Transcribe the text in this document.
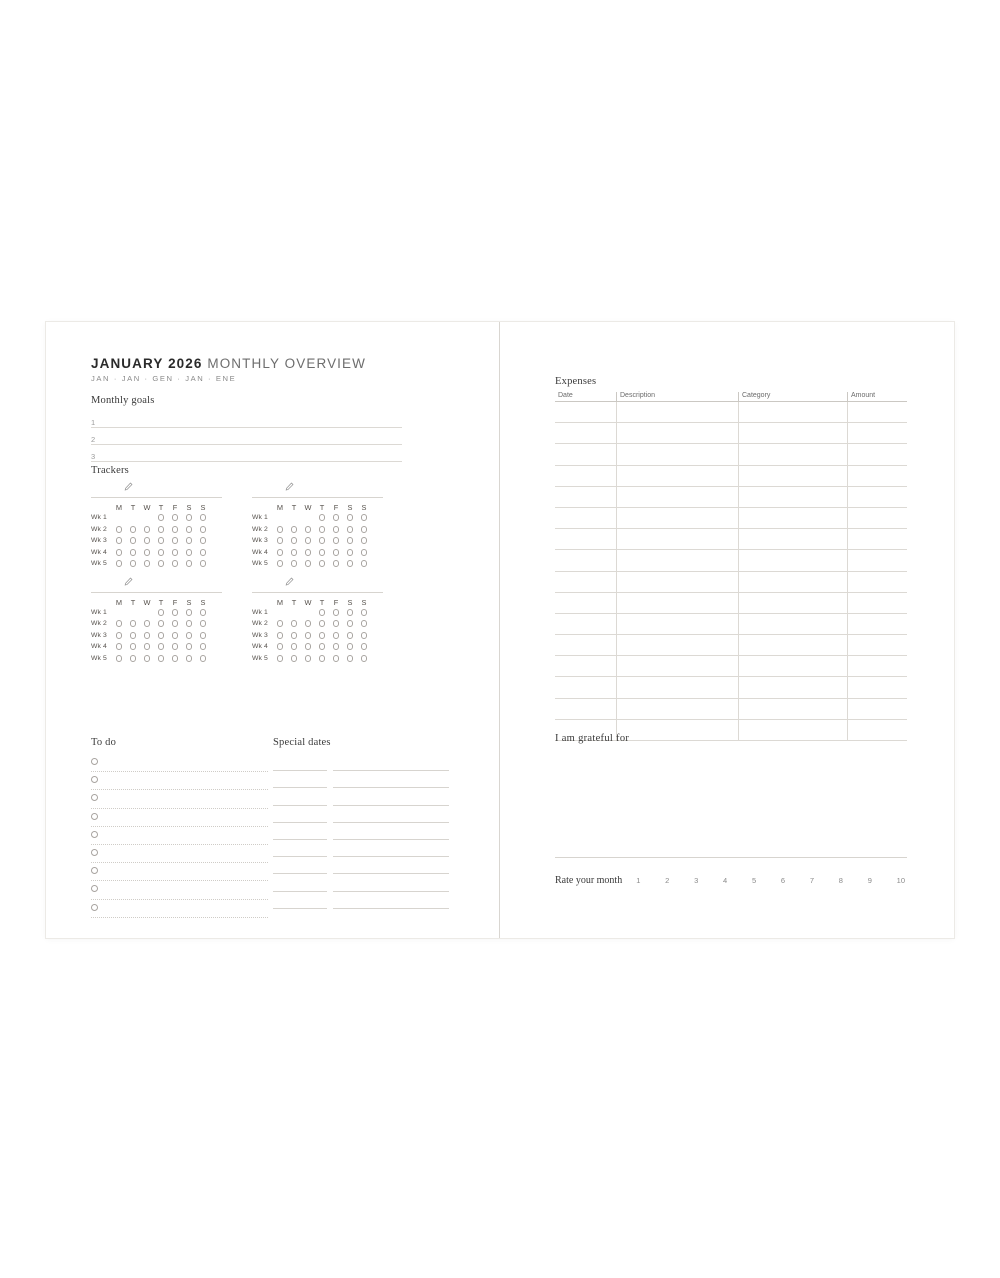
JANUARY 2026 MONTHLY OVERVIEW
JAN · JAN · GEN · JAN · ENE
Monthly goals
1
2
3
Trackers
M	T	W	T	F	S	S
Wk 1
Wk 2
Wk 3
Wk 4
Wk 5
M	T	W	T	F	S	S
Wk 1
Wk 2
Wk 3
Wk 4
Wk 5
M	T	W	T	F	S	S
Wk 1
Wk 2
Wk 3
Wk 4
Wk 5
M	T	W	T	F	S	S
Wk 1
Wk 2
Wk 3
Wk 4
Wk 5
To do	Special dates
Expenses
Date	Description	Category	Amount

I am grateful for
Rate your month 1	2	3	4	5	6	7	8	9	10
